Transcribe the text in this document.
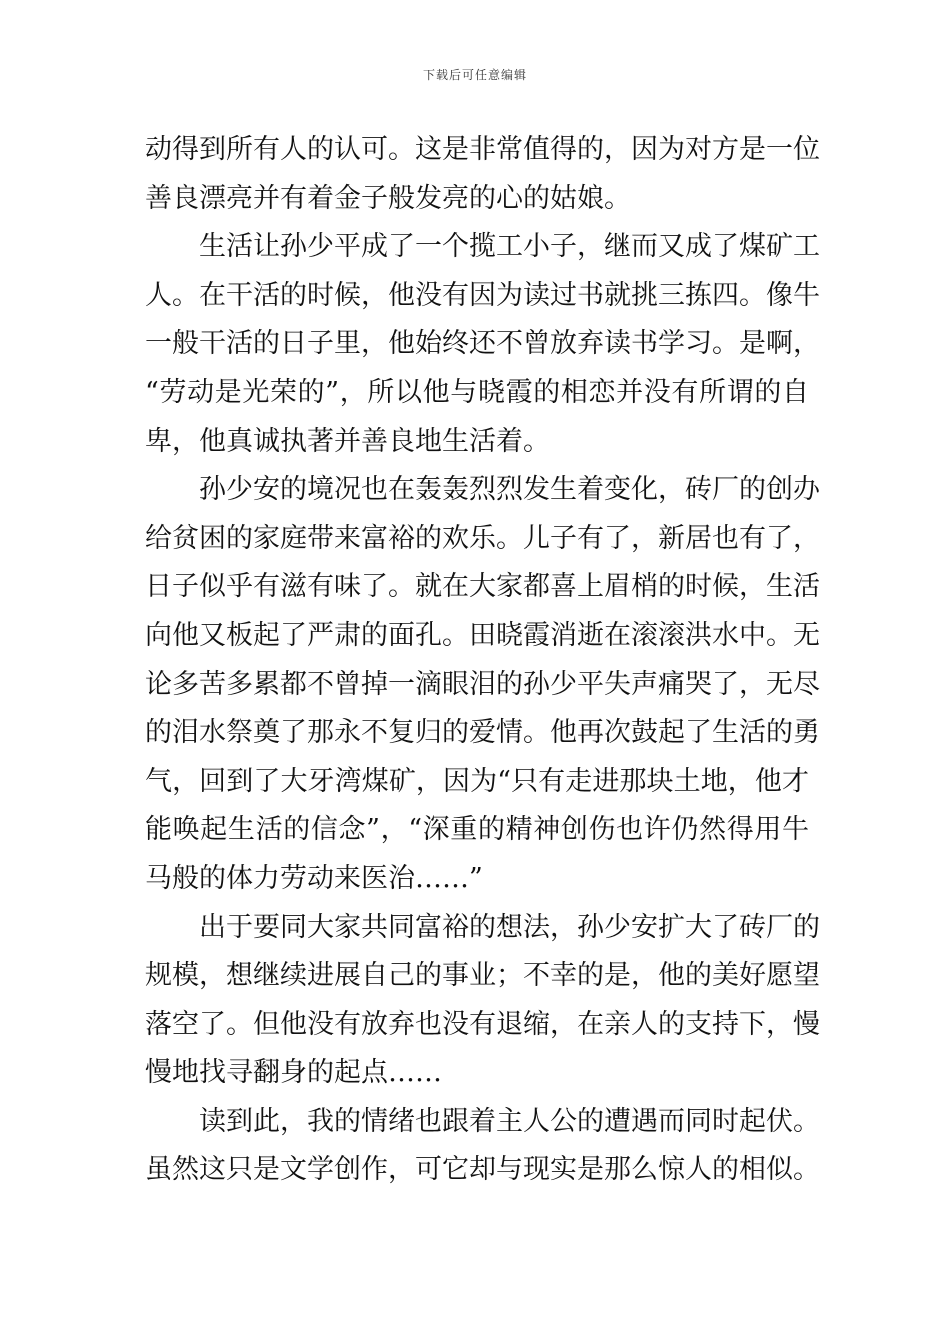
下载后可任意编辑
动得到所有人的认可。这是非常值得的，因为对方是一位
善良漂亮并有着金子般发亮的心的姑娘。
生活让孙少平成了一个揽工小子，继而又成了煤矿工
人。在干活的时候，他没有因为读过书就挑三拣四。像牛
一般干活的日子里，他始终还不曾放弃读书学习。是啊，
“劳动是光荣的”，所以他与晓霞的相恋并没有所谓的自
卑，他真诚执著并善良地生活着。
孙少安的境况也在轰轰烈烈发生着变化，砖厂的创办
给贫困的家庭带来富裕的欢乐。儿子有了，新居也有了，
日子似乎有滋有味了。就在大家都喜上眉梢的时候，生活
向他又板起了严肃的面孔。田晓霞消逝在滚滚洪水中。无
论多苦多累都不曾掉一滴眼泪的孙少平失声痛哭了，无尽
的泪水祭奠了那永不复归的爱情。他再次鼓起了生活的勇
气，回到了大牙湾煤矿，因为“只有走进那块土地，他才
能唤起生活的信念”，“深重的精神创伤也许仍然得用牛
马般的体力劳动来医治……”
出于要同大家共同富裕的想法，孙少安扩大了砖厂的
规模，想继续进展自己的事业；不幸的是，他的美好愿望
落空了。但他没有放弃也没有退缩，在亲人的支持下，慢
慢地找寻翻身的起点……
读到此，我的情绪也跟着主人公的遭遇而同时起伏。
虽然这只是文学创作，可它却与现实是那么惊人的相似。
